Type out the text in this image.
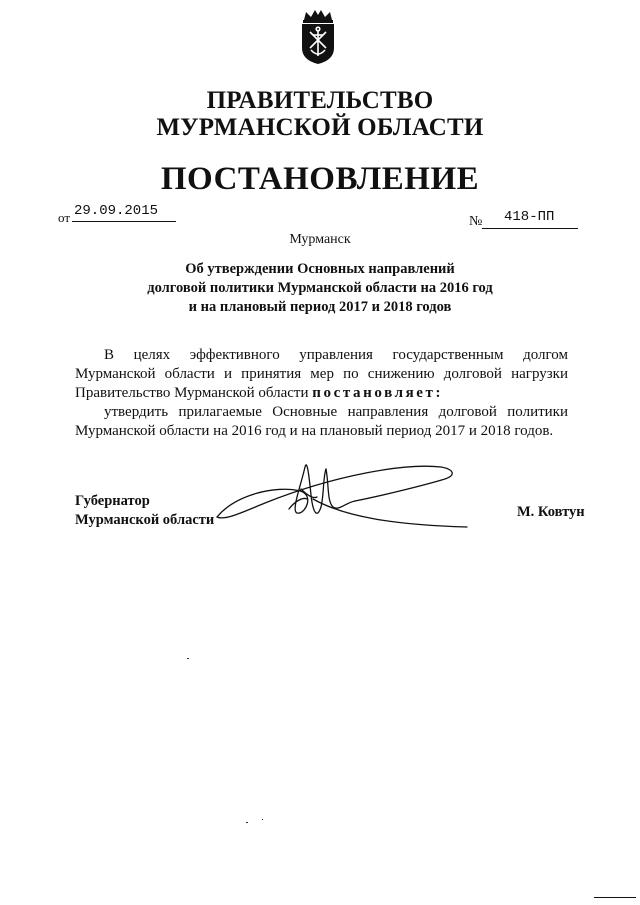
ПРАВИТЕЛЬСТВО
МУРМАНСКОЙ ОБЛАСТИ
ПОСТАНОВЛЕНИЕ
от 29.09.2015
№ 418-ПП
Мурманск
Об утверждении Основных направлений
долговой политики Мурманской области на 2016 год
и на плановый период 2017 и 2018 годов
В целях эффективного управления государственным долгом Мурманской области и принятия мер по снижению долговой нагрузки Правительство Мурманской области постановляет:
утвердить прилагаемые Основные направления долговой политики Мурманской области на 2016 год и на плановый период 2017 и 2018 годов.
Губернатор
Мурманской области	М. Ковтун
